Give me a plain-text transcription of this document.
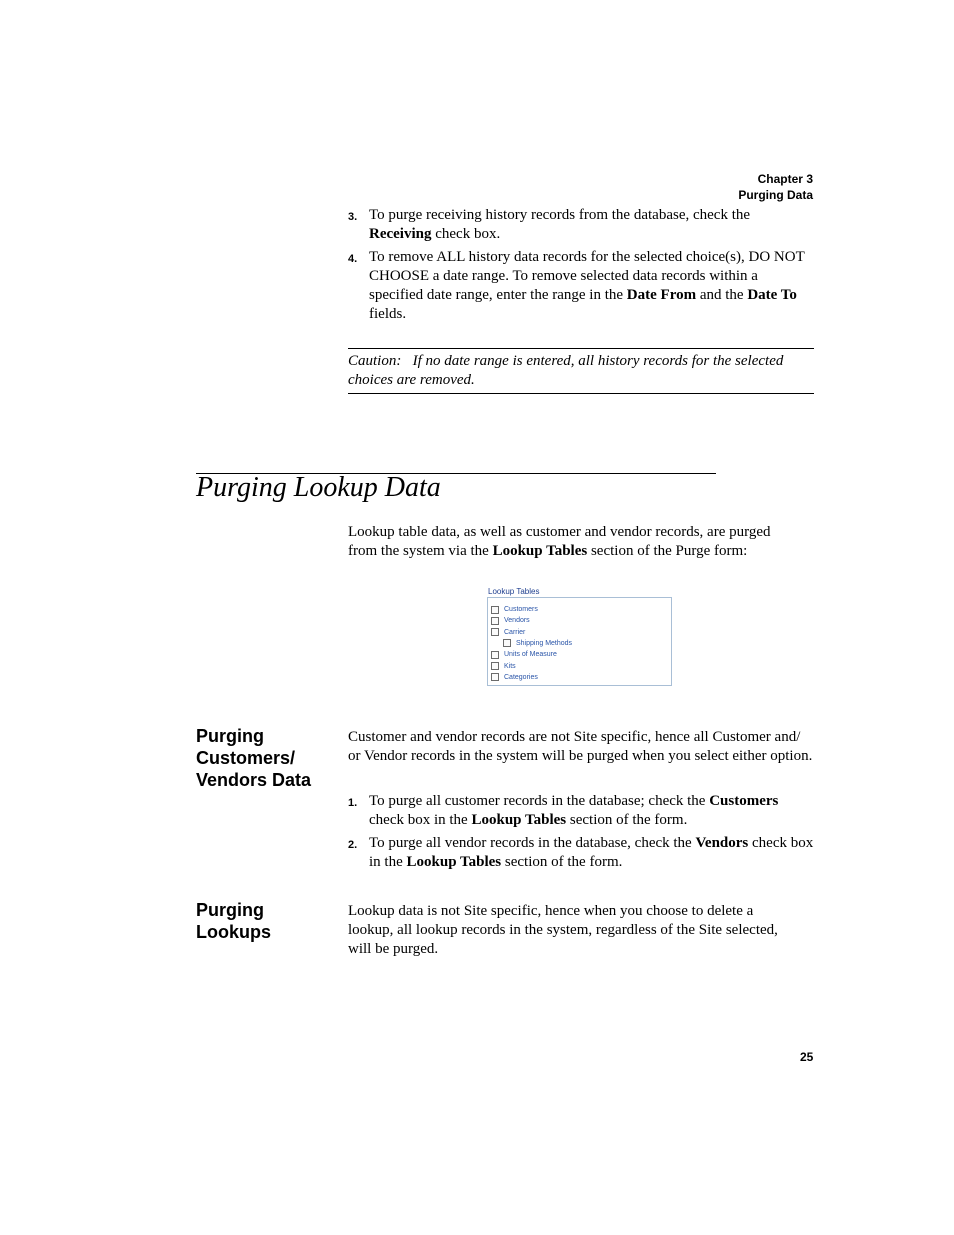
Chapter 3
Purging Data
3. To purge receiving history records from the database, check the Receiving check box.
4. To remove ALL history data records for the selected choice(s), DO NOT CHOOSE a date range. To remove selected data records within a specified date range, enter the range in the Date From and the Date To fields.
Caution: If no date range is entered, all history records for the selected choices are removed.
Purging Lookup Data
Lookup table data, as well as customer and vendor records, are purged from the system via the Lookup Tables section of the Purge form:
Lookup Tables
Customers
Vendors
Carrier
Shipping Methods
Units of Measure
Kits
Categories
Purging
Customers/
Vendors Data
Customer and vendor records are not Site specific, hence all Customer and/ or Vendor records in the system will be purged when you select either option.
1. To purge all customer records in the database; check the Customers check box in the Lookup Tables section of the form.
2. To purge all vendor records in the database, check the Vendors check box in the Lookup Tables section of the form.
Purging
Lookups
Lookup data is not Site specific, hence when you choose to delete a lookup, all lookup records in the system, regardless of the Site selected, will be purged.
25
